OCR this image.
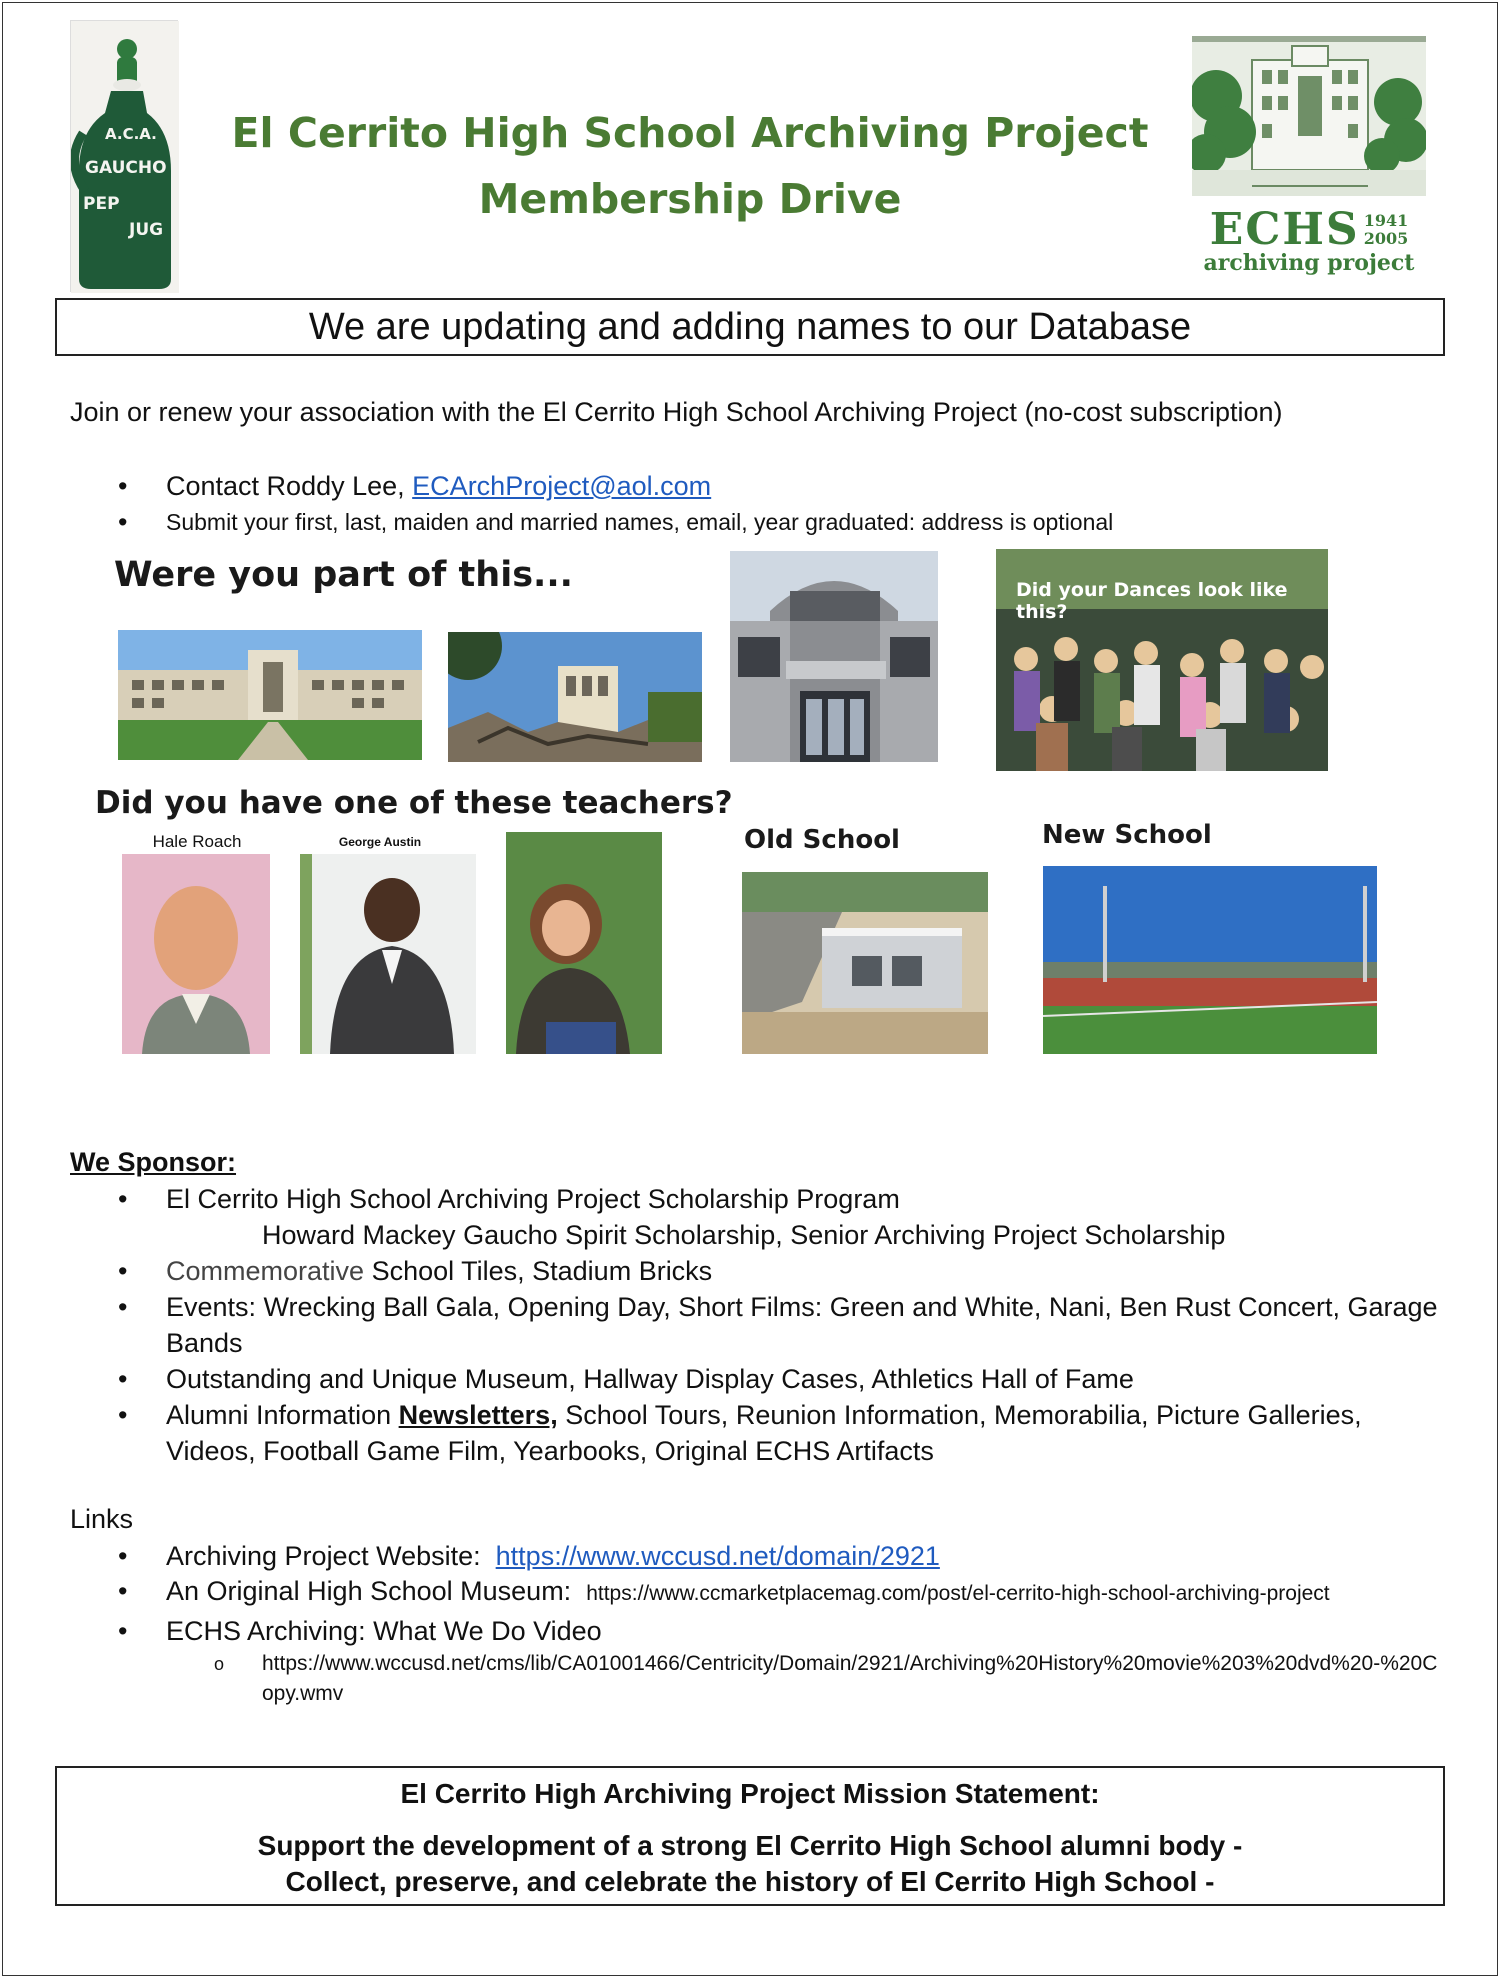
A.C.A.
GAUCHO
PEP
JUG
El Cerrito High School Archiving Project
Membership Drive
ECHS 1941
2005
archiving project
We are updating and adding names to our Database
Join or renew your association with the El Cerrito High School Archiving Project (no-cost subscription)
• Contact Roddy Lee, ECArchProject@aol.com
• Submit your first, last, maiden and married names, email, year graduated: address is optional
Were you part of this...	Did your Dances look like this?
Did you have one of these teachers?
Hale Roach	George Austin	Old School	New School
We Sponsor:
• El Cerrito High School Archiving Project Scholarship Program
Howard Mackey Gaucho Spirit Scholarship, Senior Archiving Project Scholarship
• Commemorative School Tiles, Stadium Bricks
• Events: Wrecking Ball Gala, Opening Day, Short Films: Green and White, Nani, Ben Rust Concert, Garage Bands
• Outstanding and Unique Museum, Hallway Display Cases, Athletics Hall of Fame
• Alumni Information Newsletters, School Tours, Reunion Information, Memorabilia, Picture Galleries, Videos, Football Game Film, Yearbooks, Original ECHS Artifacts
Links
• Archiving Project Website: https://www.wccusd.net/domain/2921
• An Original High School Museum: https://www.ccmarketplacemag.com/post/el-cerrito-high-school-archiving-project
• ECHS Archiving: What We Do Video
o https://www.wccusd.net/cms/lib/CA01001466/Centricity/Domain/2921/Archiving%20History%20movie%203%20dvd%20-%20Copy.wmv
El Cerrito High Archiving Project Mission Statement:
Support the development of a strong El Cerrito High School alumni body -
Collect, preserve, and celebrate the history of El Cerrito High School -
